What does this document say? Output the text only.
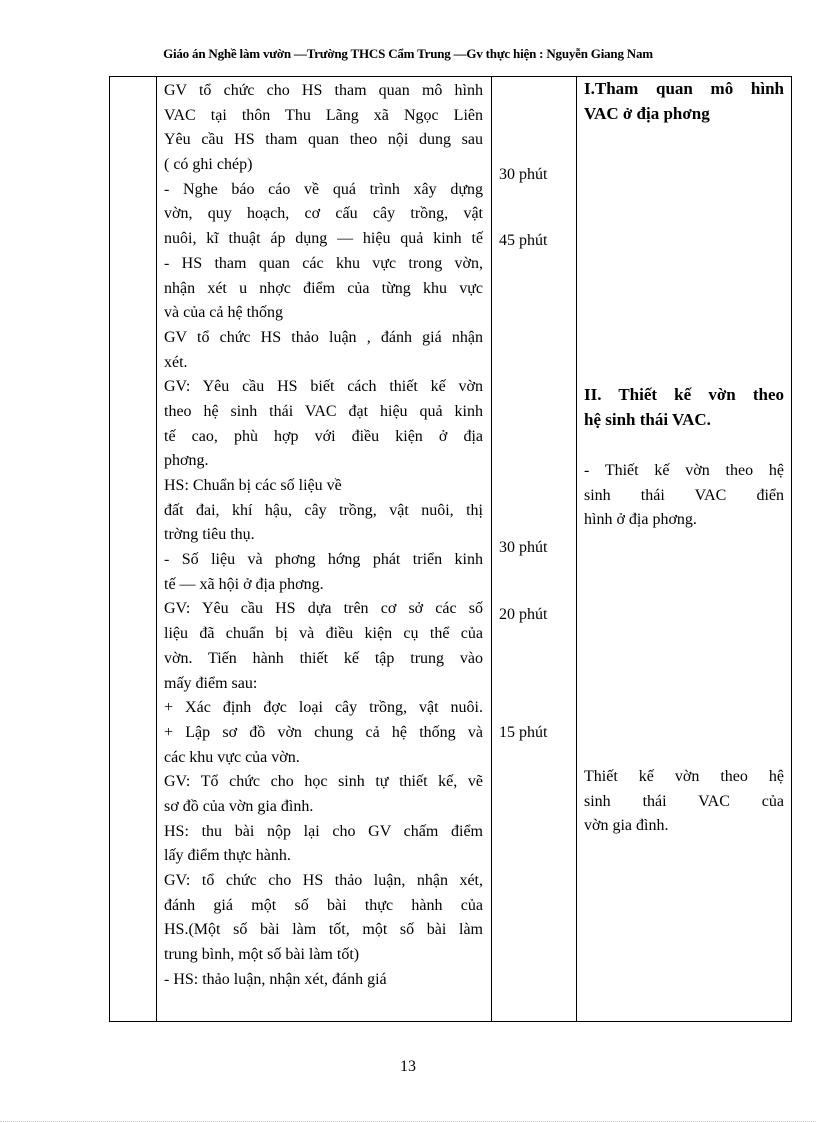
Giáo án Nghề làm vườn —Trường THCS Cẩm Trung —Gv thực hiện : Nguyễn Giang Nam
GV tổ chức cho HS tham quan mô hình
VAC tại thôn Thu Lãng xã Ngọc Liên
Yêu cầu HS tham quan theo nội dung sau
( có ghi chép)
- Nghe báo cáo về quá trình xây dựng
vờn, quy hoạch, cơ cấu cây trồng, vật
nuôi, kĩ thuật áp dụng — hiệu quả kinh tế
- HS tham quan các khu vực trong vờn,
nhận xét u nhợc điểm của từng khu vực
và của cả hệ thống
GV tổ chức HS thảo luận , đánh giá nhận
xét.
GV: Yêu cầu HS biết cách thiết kế vờn
theo hệ sinh thái VAC đạt hiệu quả kinh
tế cao, phù hợp với điều kiện ở địa
phơng.
HS: Chuẩn bị các số liệu về
đất đai, khí hậu, cây trồng, vật nuôi, thị
trờng tiêu thụ.
- Số liệu và phơng hớng phát triển kinh
tế — xã hội ở địa phơng.
GV: Yêu cầu HS dựa trên cơ sở các số
liệu đã chuẩn bị và điều kiện cụ thể của
vờn. Tiến hành thiết kế tập trung vào
mấy điểm sau:
+ Xác định đợc loại cây trồng, vật nuôi.
+ Lập sơ đồ vờn chung cả hệ thống và
các khu vực của vờn.
GV: Tổ chức cho học sinh tự thiết kế, vẽ
sơ đồ của vờn gia đình.
HS: thu bài nộp lại cho GV chấm điểm
lấy điểm thực hành.
GV: tổ chức cho HS thảo luận, nhận xét,
đánh giá một số bài thực hành của
HS.(Một số bài làm tốt, một số bài làm
trung bình, một số bài làm tốt)
- HS: thảo luận, nhận xét, đánh giá
30 phút
45 phút
30 phút
20 phút
15 phút
I.Tham quan mô hình
VAC ở địa phơng
II. Thiết kế vờn theo
hệ sinh thái VAC.
- Thiết kế vờn theo hệ
sinh thái VAC điển
hình ở địa phơng.
Thiết kế vờn theo hệ
sinh thái VAC của
vờn gia đình.
13
